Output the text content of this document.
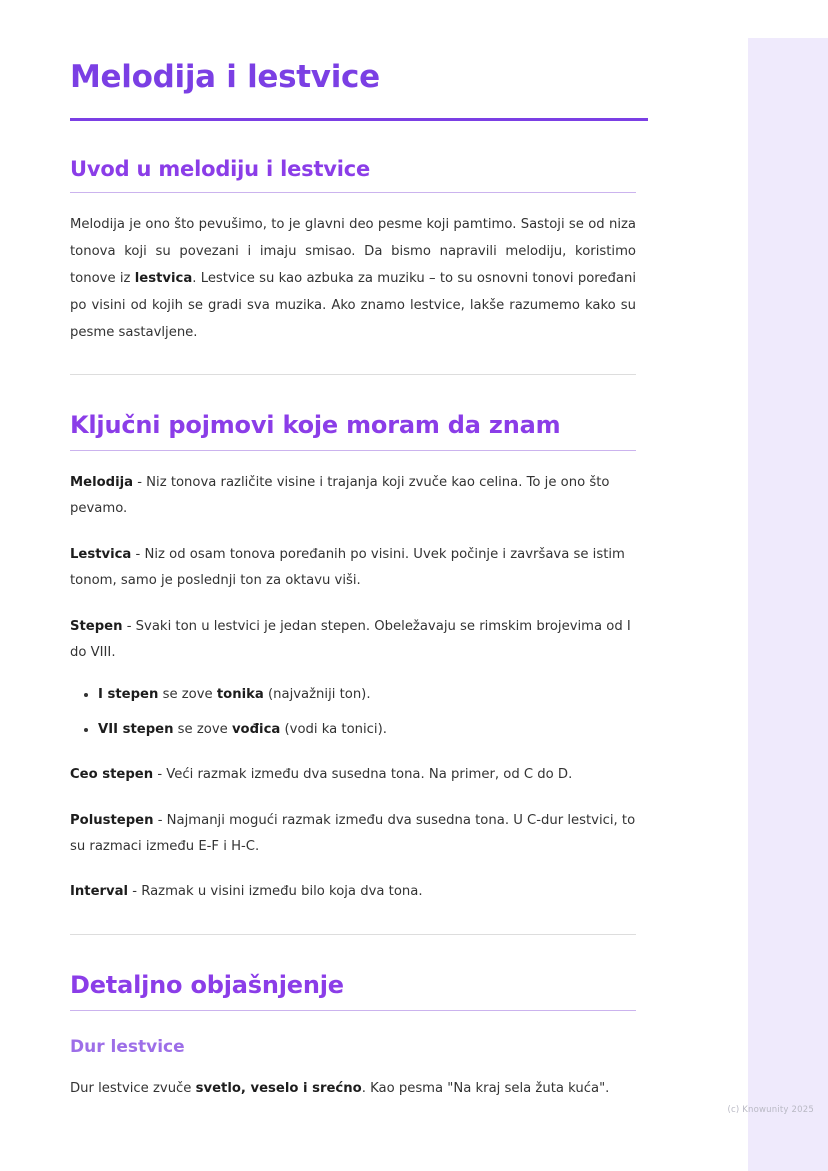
Melodija i lestvice
Uvod u melodiju i lestvice

Melodija je ono što pevušimo, to je glavni deo pesme koji pamtimo. Sastoji se od niza tonova koji su povezani i imaju smisao. Da bismo napravili melodiju, koristimo tonove iz lestvica. Lestvice su kao azbuka za muziku – to su osnovni tonovi poređani po visini od kojih se gradi sva muzika. Ako znamo lestvice, lakše razumemo kako su pesme sastavljene.

Ključni pojmovi koje moram da znam

Melodija - Niz tonova različite visine i trajanja koji zvuče kao celina. To je ono što pevamo.

Lestvica - Niz od osam tonova poređanih po visini. Uvek počinje i završava se istim tonom, samo je poslednji ton za oktavu viši.

Stepen - Svaki ton u lestvici je jedan stepen. Obeležavaju se rimskim brojevima od I do VIII.

• I stepen se zove tonika (najvažniji ton).
• VII stepen se zove vođica (vodi ka tonici).

Ceo stepen - Veći razmak između dva susedna tona. Na primer, od C do D.

Polustepen - Najmanji mogući razmak između dva susedna tona. U C-dur lestvici, to su razmaci između E-F i H-C.

Interval - Razmak u visini između bilo koja dva tona.

Detaljno objašnjenje
Dur lestvice

Dur lestvice zvuče svetlo, veselo i srećno. Kao pesma "Na kraj sela žuta kuća".

(c) Knowunity 2025
